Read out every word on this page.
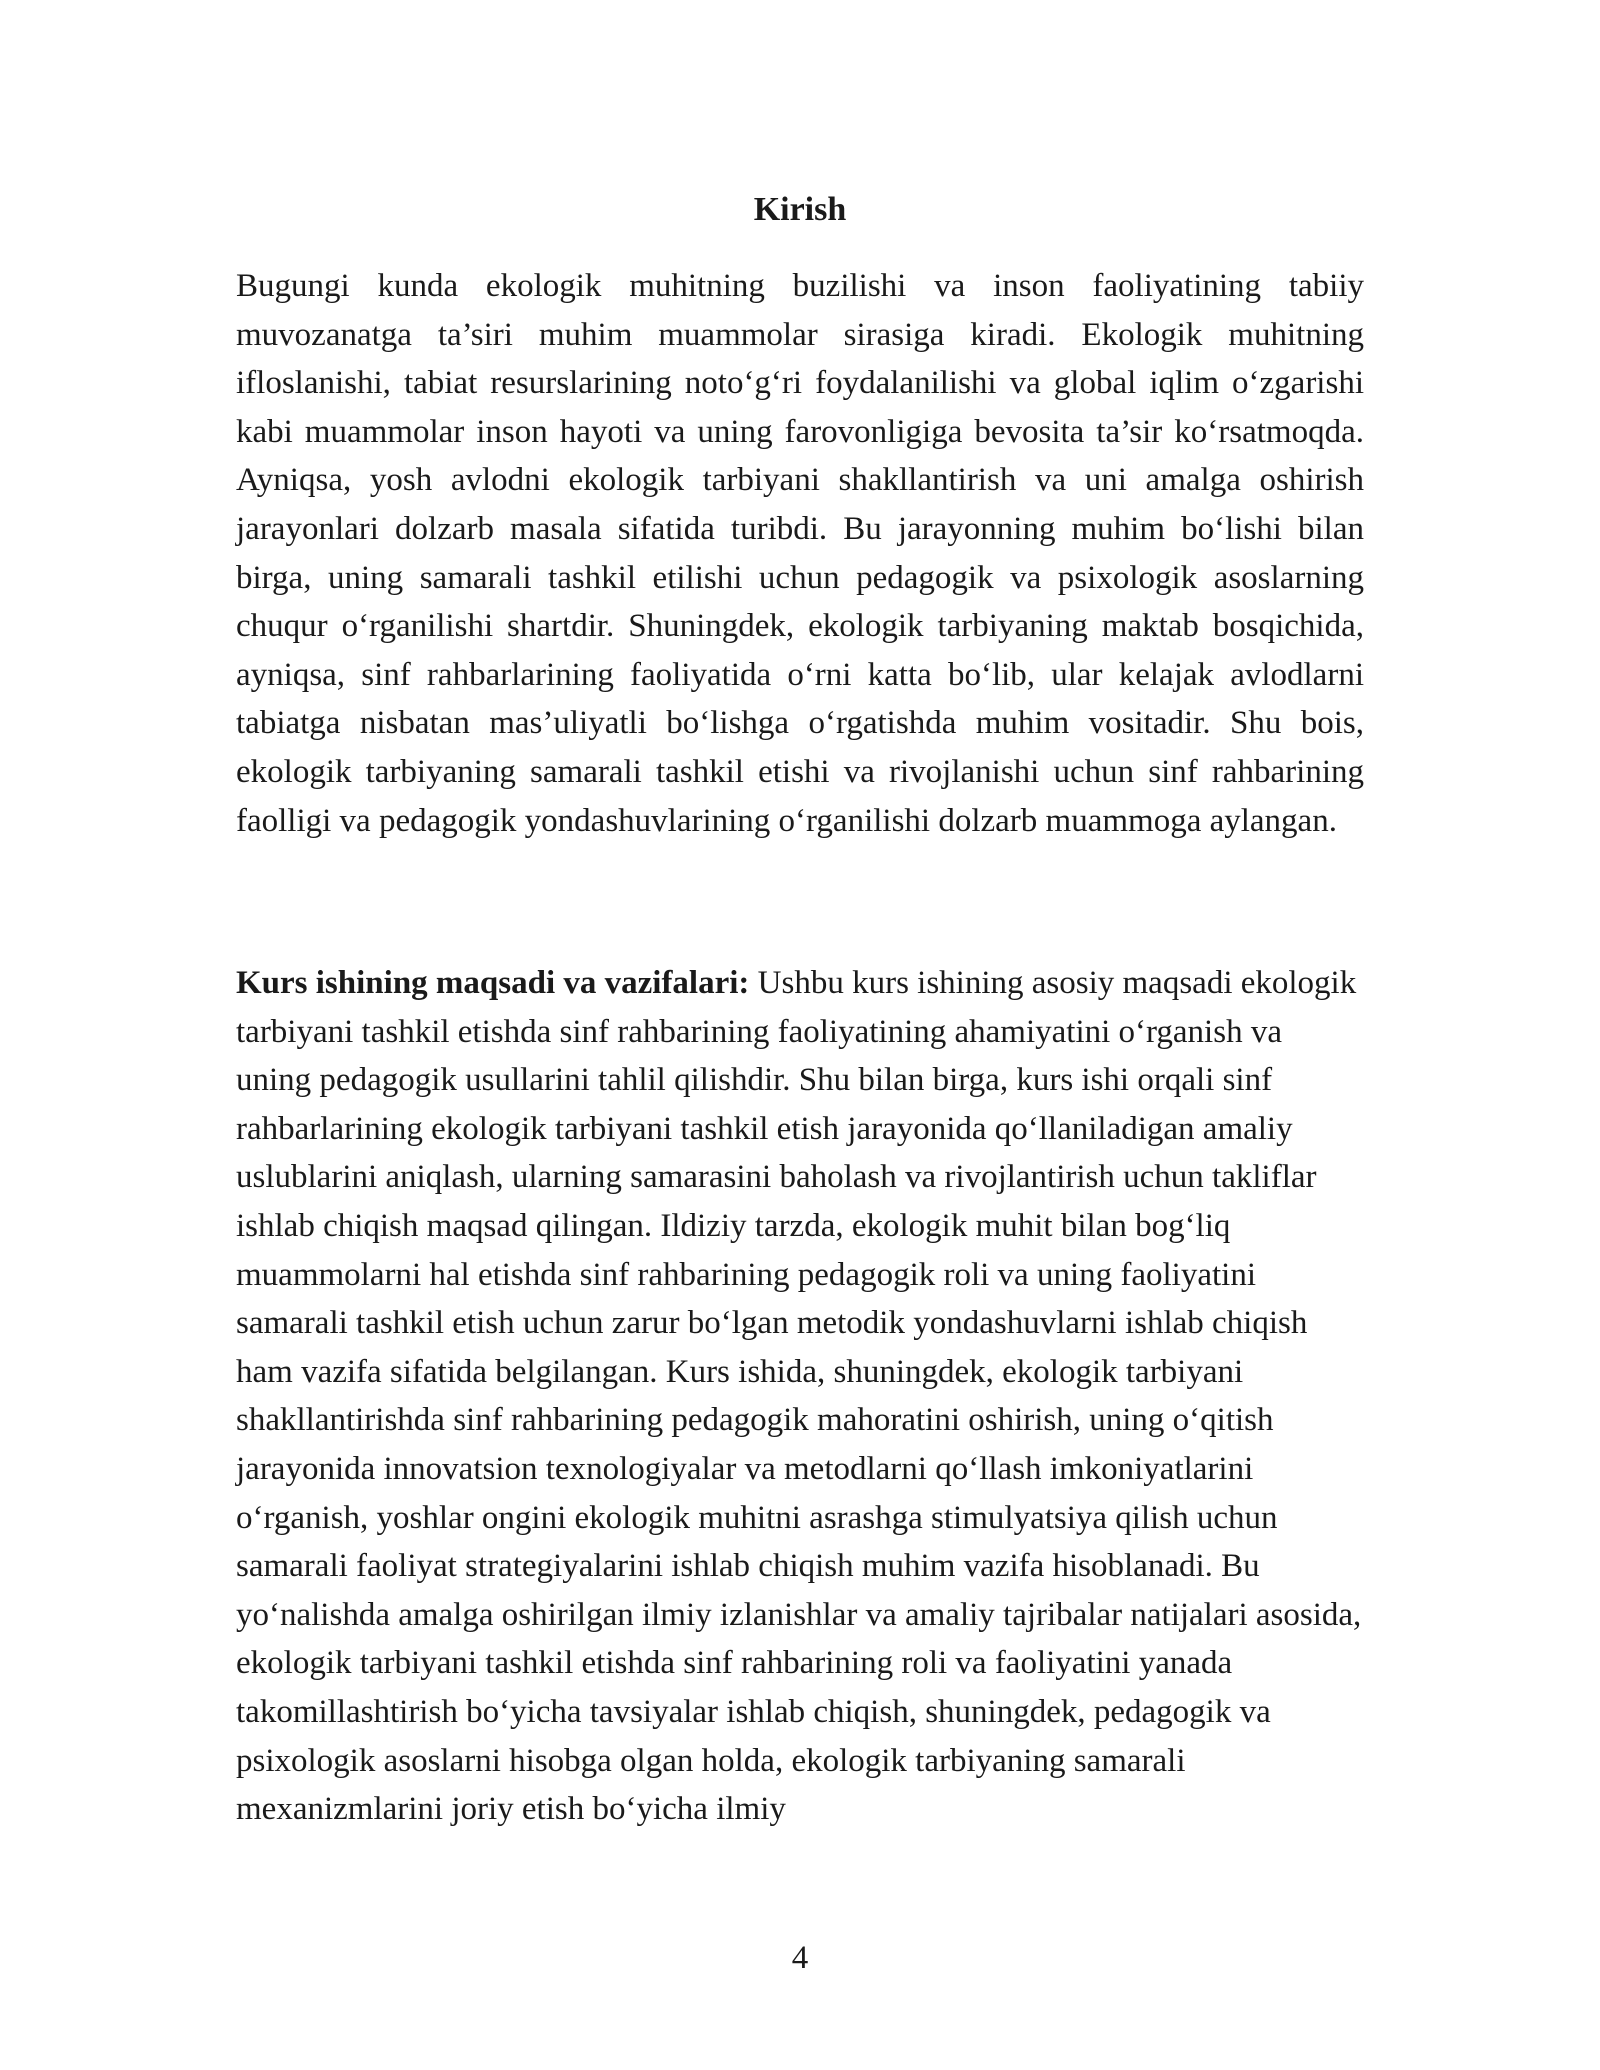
Kirish

Bugungi kunda ekologik muhitning buzilishi va inson faoliyatining tabiiy muvozanatga ta’siri muhim muammolar sirasiga kiradi. Ekologik muhitning ifloslanishi, tabiat resurslarining noto‘g‘ri foydalanilishi va global iqlim o‘zgarishi kabi muammolar inson hayoti va uning farovonligiga bevosita ta’sir ko‘rsatmoqda. Ayniqsa, yosh avlodni ekologik tarbiyani shakllantirish va uni amalga oshirish jarayonlari dolzarb masala sifatida turibdi. Bu jarayonning muhim bo‘lishi bilan birga, uning samarali tashkil etilishi uchun pedagogik va psixologik asoslarning chuqur o‘rganilishi shartdir. Shuningdek, ekologik tarbiyaning maktab bosqichida, ayniqsa, sinf rahbarlarining faoliyatida o‘rni katta bo‘lib, ular kelajak avlodlarni tabiatga nisbatan mas’uliyatli bo‘lishga o‘rgatishda muhim vositadir. Shu bois, ekologik tarbiyaning samarali tashkil etishi va rivojlanishi uchun sinf rahbarining faolligi va pedagogik yondashuvlarining o‘rganilishi dolzarb muammoga aylangan.

Kurs ishining maqsadi va vazifalari: Ushbu kurs ishining asosiy maqsadi ekologik tarbiyani tashkil etishda sinf rahbarining faoliyatining ahamiyatini o‘rganish va uning pedagogik usullarini tahlil qilishdir. Shu bilan birga, kurs ishi orqali sinf rahbarlarining ekologik tarbiyani tashkil etish jarayonida qo‘llaniladigan amaliy uslublarini aniqlash, ularning samarasini baholash va rivojlantirish uchun takliflar ishlab chiqish maqsad qilingan. Ildiziy tarzda, ekologik muhit bilan bog‘liq muammolarni hal etishda sinf rahbarining pedagogik roli va uning faoliyatini samarali tashkil etish uchun zarur bo‘lgan metodik yondashuvlarni ishlab chiqish ham vazifa sifatida belgilangan. Kurs ishida, shuningdek, ekologik tarbiyani shakllantirishda sinf rahbarining pedagogik mahoratini oshirish, uning o‘qitish jarayonida innovatsion texnologiyalar va metodlarni qo‘llash imkoniyatlarini o‘rganish, yoshlar ongini ekologik muhitni asrashga stimulyatsiya qilish uchun samarali faoliyat strategiyalarini ishlab chiqish muhim vazifa hisoblanadi. Bu yo‘nalishda amalga oshirilgan ilmiy izlanishlar va amaliy tajribalar natijalari asosida, ekologik tarbiyani tashkil etishda sinf rahbarining roli va faoliyatini yanada takomillashtirish bo‘yicha tavsiyalar ishlab chiqish, shuningdek, pedagogik va psixologik asoslarni hisobga olgan holda, ekologik tarbiyaning samarali mexanizmlarini joriy etish bo‘yicha ilmiy

4
